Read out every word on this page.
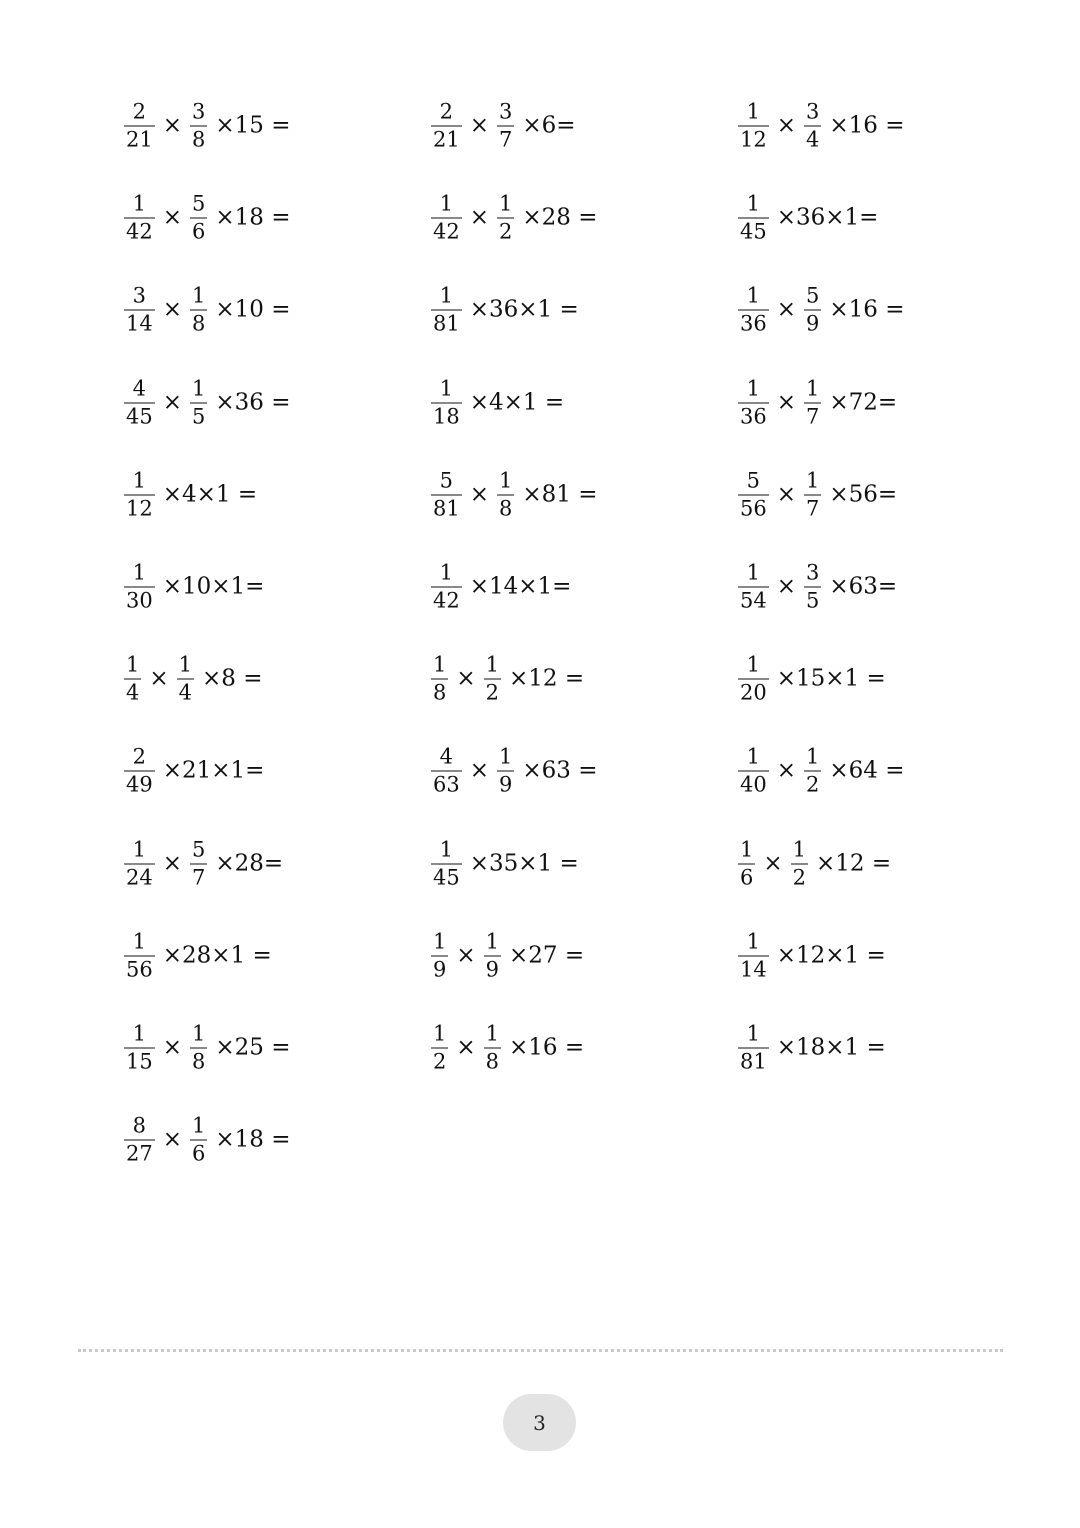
$\frac{2}{21} \times \frac{3}{8} \times 15$ =	$\frac{2}{21} \times \frac{3}{7} \times 6=$	$\frac{1}{12} \times \frac{3}{4} \times 16$ =
$\frac{1}{42} \times \frac{5}{6} \times 18$ =	$\frac{1}{42} \times \frac{1}{2} \times 28$ =	$\frac{1}{45} \times 36\times 1=$
$\frac{3}{14} \times \frac{1}{8} \times 10$ =	$\frac{1}{81} \times 36\times 1$ =	$\frac{1}{36} \times \frac{5}{9} \times 16$ =
$\frac{4}{45} \times \frac{1}{5} \times 36$ =	$\frac{1}{18} \times 4\times 1$ =	$\frac{1}{36} \times \frac{1}{7} \times 72=$
$\frac{1}{12} \times 4\times 1$ =	$\frac{5}{81} \times \frac{1}{8} \times 81$ =	$\frac{5}{56} \times \frac{1}{7} \times 56=$
$\frac{1}{30} \times 10\times 1=$	$\frac{1}{42} \times 14\times 1=$	$\frac{1}{54} \times \frac{3}{5} \times 63=$
$\frac{1}{4} \times \frac{1}{4} \times 8$ =	$\frac{1}{8} \times \frac{1}{2} \times 12$ =	$\frac{1}{20} \times 15\times 1$ =
$\frac{2}{49} \times 21\times 1=$	$\frac{4}{63} \times \frac{1}{9} \times 63$ =	$\frac{1}{40} \times \frac{1}{2} \times 64$ =
$\frac{1}{24} \times \frac{5}{7} \times 28=$	$\frac{1}{45} \times 35\times 1$ =	$\frac{1}{6} \times \frac{1}{2} \times 12$ =
$\frac{1}{56} \times 28\times 1$ =	$\frac{1}{9} \times \frac{1}{9} \times 27$ =	$\frac{1}{14} \times 12\times 1$ =
$\frac{1}{15} \times \frac{1}{8} \times 25$ =	$\frac{1}{2} \times \frac{1}{8} \times 16$ =	$\frac{1}{81} \times 18\times 1$ =
$\frac{8}{27} \times \frac{1}{6} \times 18$ =
3
